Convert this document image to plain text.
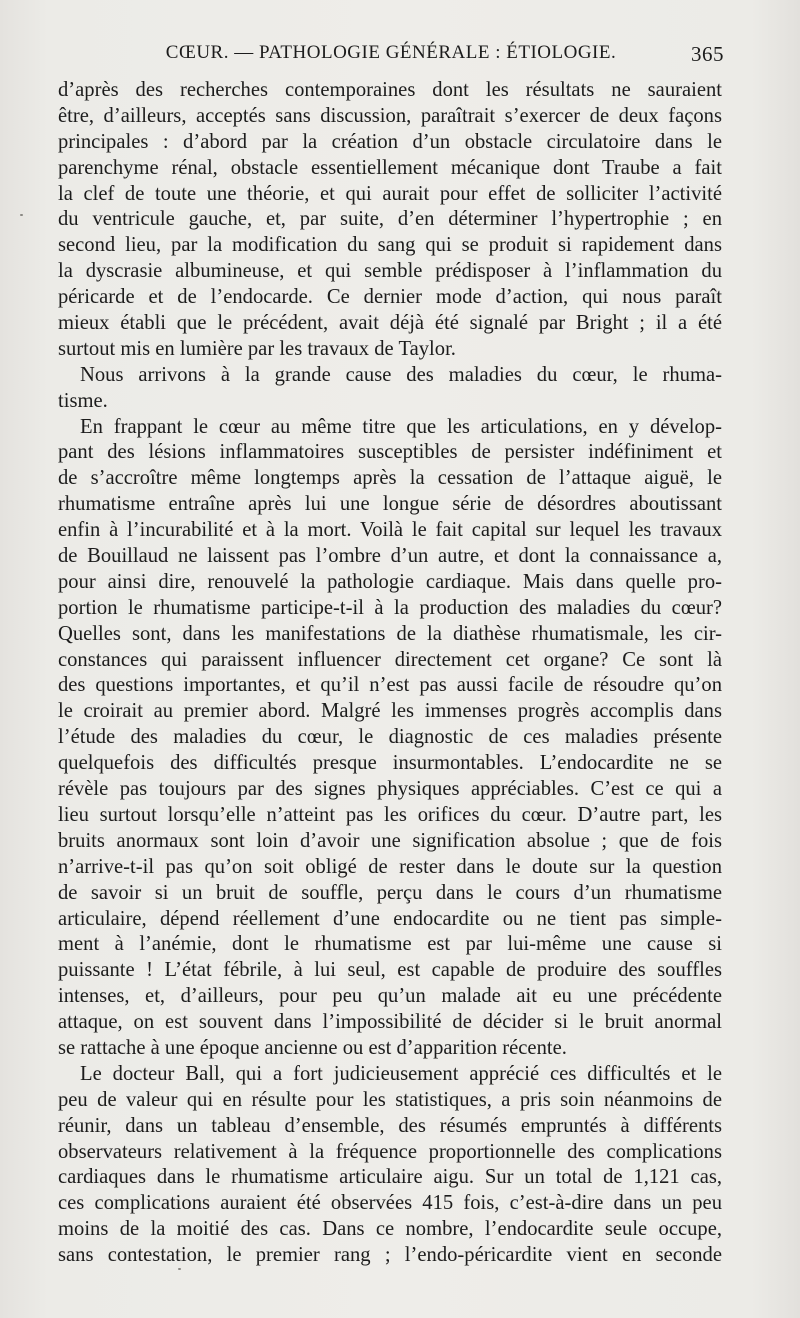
CŒUR. — PATHOLOGIE GÉNÉRALE : ÉTIOLOGIE.	365
d’après des recherches contemporaines dont les résultats ne sauraient
être, d’ailleurs, acceptés sans discussion, paraîtrait s’exercer de deux façons
principales : d’abord par la création d’un obstacle circulatoire dans le
parenchyme rénal, obstacle essentiellement mécanique dont Traube a fait
la clef de toute une théorie, et qui aurait pour effet de solliciter l’activité
du ventricule gauche, et, par suite, d’en déterminer l’hypertrophie ; en
second lieu, par la modification du sang qui se produit si rapidement dans
la dyscrasie albumineuse, et qui semble prédisposer à l’inflammation du
péricarde et de l’endocarde. Ce dernier mode d’action, qui nous paraît
mieux établi que le précédent, avait déjà été signalé par Bright ; il a été
surtout mis en lumière par les travaux de Taylor.
Nous arrivons à la grande cause des maladies du cœur, le rhuma-
tisme.
En frappant le cœur au même titre que les articulations, en y dévelop-
pant des lésions inflammatoires susceptibles de persister indéfiniment et
de s’accroître même longtemps après la cessation de l’attaque aiguë, le
rhumatisme entraîne après lui une longue série de désordres aboutissant
enfin à l’incurabilité et à la mort. Voilà le fait capital sur lequel les travaux
de Bouillaud ne laissent pas l’ombre d’un autre, et dont la connaissance a,
pour ainsi dire, renouvelé la pathologie cardiaque. Mais dans quelle pro-
portion le rhumatisme participe-t-il à la production des maladies du cœur?
Quelles sont, dans les manifestations de la diathèse rhumatismale, les cir-
constances qui paraissent influencer directement cet organe? Ce sont là
des questions importantes, et qu’il n’est pas aussi facile de résoudre qu’on
le croirait au premier abord. Malgré les immenses progrès accomplis dans
l’étude des maladies du cœur, le diagnostic de ces maladies présente
quelquefois des difficultés presque insurmontables. L’endocardite ne se
révèle pas toujours par des signes physiques appréciables. C’est ce qui a
lieu surtout lorsqu’elle n’atteint pas les orifices du cœur. D’autre part, les
bruits anormaux sont loin d’avoir une signification absolue ; que de fois
n’arrive-t-il pas qu’on soit obligé de rester dans le doute sur la question
de savoir si un bruit de souffle, perçu dans le cours d’un rhumatisme
articulaire, dépend réellement d’une endocardite ou ne tient pas simple-
ment à l’anémie, dont le rhumatisme est par lui-même une cause si
puissante ! L’état fébrile, à lui seul, est capable de produire des souffles
intenses, et, d’ailleurs, pour peu qu’un malade ait eu une précédente
attaque, on est souvent dans l’impossibilité de décider si le bruit anormal
se rattache à une époque ancienne ou est d’apparition récente.
Le docteur Ball, qui a fort judicieusement apprécié ces difficultés et le
peu de valeur qui en résulte pour les statistiques, a pris soin néanmoins de
réunir, dans un tableau d’ensemble, des résumés empruntés à différents
observateurs relativement à la fréquence proportionnelle des complications
cardiaques dans le rhumatisme articulaire aigu. Sur un total de 1,121 cas,
ces complications auraient été observées 415 fois, c’est-à-dire dans un peu
moins de la moitié des cas. Dans ce nombre, l’endocardite seule occupe,
sans contestation, le premier rang ; l’endo-péricardite vient en seconde
